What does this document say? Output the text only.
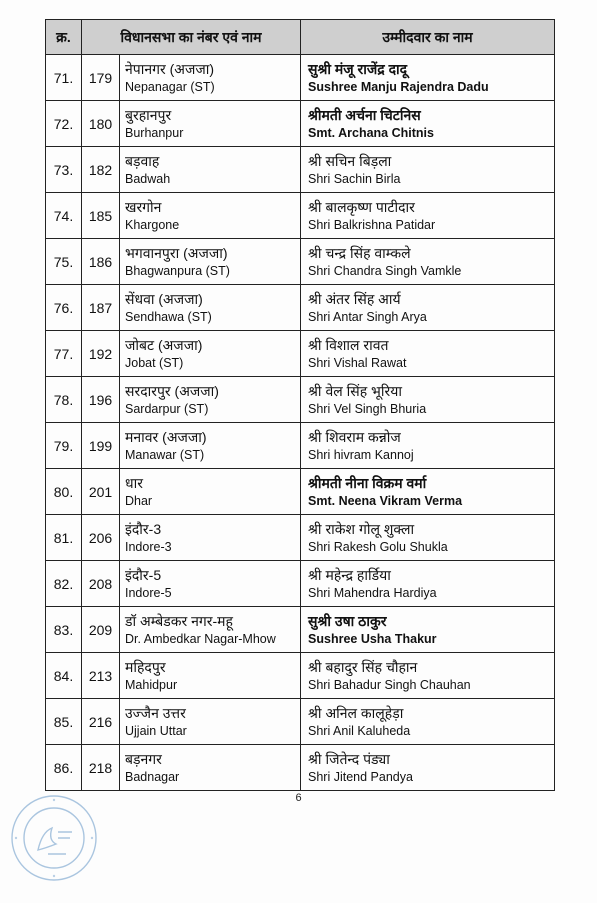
क्र.	विधानसभा का नंबर एवं नाम		उम्मीदवार का नाम
71.	179	नेपानगर (अजजा)
Nepanagar (ST)	सुश्री मंजू राजेंद्र दादू
Sushree Manju Rajendra Dadu

72.	180	बुरहानपुर
Burhanpur	श्रीमती अर्चना चिटनिस
Smt. Archana Chitnis

73.	182	बड़वाह
Badwah	श्री सचिन बिड़ला
Shri Sachin Birla

74.	185	खरगोन
Khargone	श्री बालकृष्ण पाटीदार
Shri Balkrishna Patidar

75.	186	भगवानपुरा (अजजा)
Bhagwanpura (ST)	श्री चन्द्र सिंह वाम्कले
Shri Chandra Singh Vamkle

76.	187	सेंधवा (अजजा)
Sendhawa (ST)	श्री अंतर सिंह आर्य
Shri Antar Singh Arya

77.	192	जोबट (अजजा)
Jobat (ST)	श्री विशाल रावत
Shri Vishal Rawat

78.	196	सरदारपुर (अजजा)
Sardarpur (ST)	श्री वेल सिंह भूरिया
Shri Vel Singh Bhuria

79.	199	मनावर (अजजा)
Manawar (ST)	श्री शिवराम कन्नोज
Shri hivram Kannoj

80.	201	धार
Dhar	श्रीमती नीना विक्रम वर्मा
Smt. Neena Vikram Verma

81.	206	इंदौर-3
Indore-3	श्री राकेश गोलू शुक्ला
Shri Rakesh Golu Shukla

82.	208	इंदौर-5
Indore-5	श्री महेन्द्र हार्डिया
Shri Mahendra Hardiya

83.	209	डॉ अम्बेडकर नगर-महू
Dr. Ambedkar Nagar-Mhow	सुश्री उषा ठाकुर
Sushree Usha Thakur

84.	213	महिदपुर
Mahidpur	श्री बहादुर सिंह चौहान
Shri Bahadur Singh Chauhan

85.	216	उज्जैन उत्तर
Ujjain Uttar	श्री अनिल कालूहेड़ा
Shri Anil Kaluheda

86.	218	बड़नगर
Badnagar	श्री जितेन्द पंड्या
Shri Jitend Pandya
6
